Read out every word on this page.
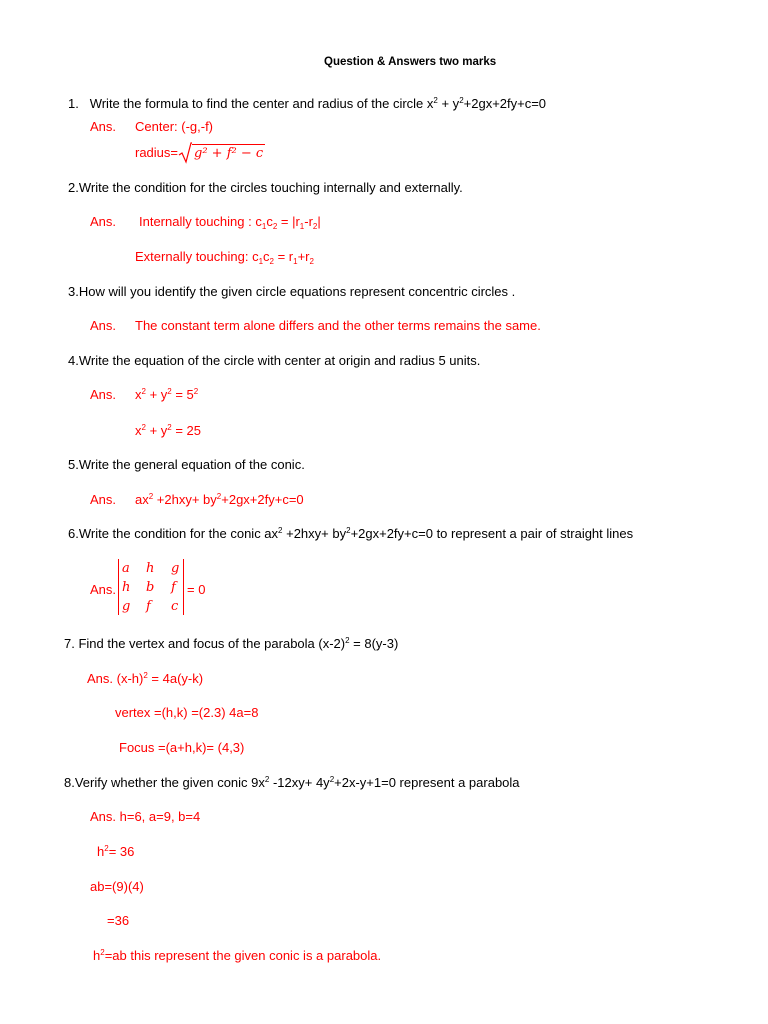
Question & Answers two marks
1. Write the formula to find the center and radius of the circle $x^2 + y^2+2gx+2fy+c=0$
Ans. Center: (-g,-f)
radius= g² + f² − c
2.Write the condition for the circles touching internally and externally.
Ans. Internally touching : $c_1c_2 = |r_1-r_2|$
Externally touching: $c_1c_2 = r_1+r_2$
3.How will you identify the given circle equations represent concentric circles .
Ans. The constant term alone differs and the other terms remains the same.
4.Write the equation of the circle with center at origin and radius 5 units.
Ans. $x^2 + y^2 = 5^2$
$x^2 + y^2 = 25$
5.Write the general equation of the conic.
Ans. $ax^2 +2hxy+ by^2+2gx+2fy+c=0$
6.Write the condition for the conic $ax^2 +2hxy+ by^2+2gx+2fy+c=0$ to represent a pair of straight lines
Ans.
a h g
h b f
g f c
= 0
7. Find the vertex and focus of the parabola $(x-2)^2 = 8(y-3)$
Ans. $(x-h)^2 = 4a(y-k)$
vertex =(h,k) =(2.3) 4a=8
Focus =(a+h,k)= (4,3)
8.Verify whether the given conic $9x^2$ $-12xy+ 4y^2+2x-y+1=0$ represent a parabola
Ans. h=6, a=9, b=4
$h^2= 36$
ab=(9)(4)
=36
$h^2=ab$ this represent the given conic is a parabola.
